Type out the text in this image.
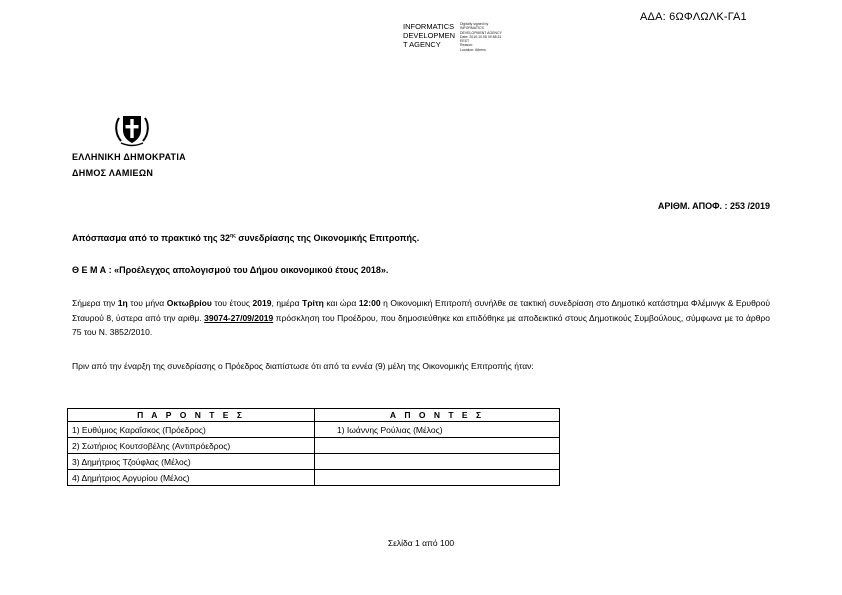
ΑΔΑ: 6ΩΦΛΩΛΚ-ΓΑ1
INFORMATICS
DEVELOPMEN
T AGENCY
Digitally signed by
INFORMATICS
DEVELOPMENT AGENCY
Date: 2019.10.08 09:58:31
EEST
Reason:
Location: Athens
ΕΛΛΗΝΙΚΗ ΔΗΜΟΚΡΑΤΙΑ
ΔΗΜΟΣ ΛΑΜΙΕΩΝ
ΑΡΙΘΜ. ΑΠΟΦ. : 253 /2019
Απόσπασμα από το πρακτικό της $32^{\eta\varsigma}$ συνεδρίασης της Οικονομικής Επιτροπής.
Θ Ε Μ Α : «Προέλεγχος απολογισμού του Δήμου οικονομικού έτους 2018».
Σήμερα την 1η του μήνα Οκτωβρίου του έτους 2019, ημέρα Τρίτη και ώρα 12:00 η Οικονομική Επιτροπή συνήλθε σε τακτική συνεδρίαση στο Δημοτικό κατάστημα Φλέμινγκ & Ερυθρού Σταυρού 8, ύστερα από την αριθμ. 39074-27/09/2019 πρόσκληση του Προέδρου, που δημοσιεύθηκε και επιδόθηκε με αποδεικτικό στους Δημοτικούς Συμβούλους, σύμφωνα με το άρθρο 75 του Ν. 3852/2010.
Πριν από την έναρξη της συνεδρίασης ο Πρόεδρος διαπίστωσε ότι από τα εννέα (9) μέλη της Οικονομικής Επιτροπής ήταν:
Π Α Ρ Ο Ν Τ Ε Σ	Α Π Ο Ν Τ Ε Σ
1) Ευθύμιος Καραΐσκος (Πρόεδρος)	1) Ιωάννης Ρούλιας (Μέλος)
2) Σωτήριος Κουτσοβέλης (Αντιπρόεδρος)	
3) Δημήτριος Τζούφλας (Μέλος)	
4) Δημήτριος Αργυρίου (Μέλος)	
Σελίδα 1 από 100
